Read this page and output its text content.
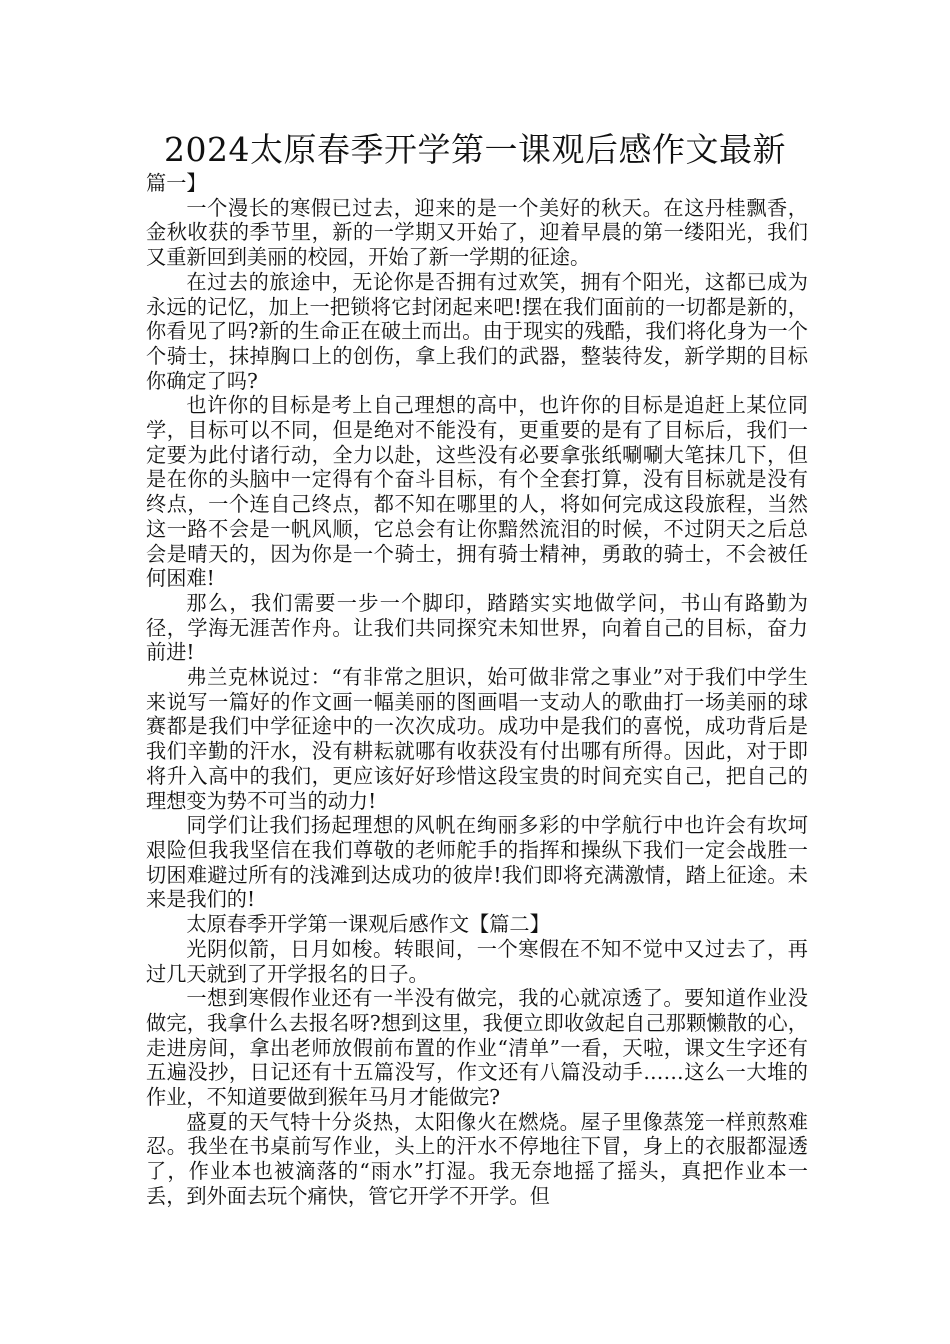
2024太原春季开学第一课观后感作文最新

篇一】

一个漫长的寒假已过去，迎来的是一个美好的秋天。在这丹桂飘香，金秋收获的季节里，新的一学期又开始了，迎着早晨的第一缕阳光，我们又重新回到美丽的校园，开始了新一学期的征途。

在过去的旅途中，无论你是否拥有过欢笑，拥有个阳光，这都已成为永远的记忆，加上一把锁将它封闭起来吧!摆在我们面前的一切都是新的，你看见了吗?新的生命正在破土而出。由于现实的残酷，我们将化身为一个个骑士，抹掉胸口上的创伤，拿上我们的武器，整装待发，新学期的目标你确定了吗?

也许你的目标是考上自己理想的高中，也许你的目标是追赶上某位同学，目标可以不同，但是绝对不能没有，更重要的是有了目标后，我们一定要为此付诸行动，全力以赴，这些没有必要拿张纸唰唰大笔抹几下，但是在你的头脑中一定得有个奋斗目标，有个全套打算，没有目标就是没有终点，一个连自己终点，都不知在哪里的人，将如何完成这段旅程，当然这一路不会是一帆风顺，它总会有让你黯然流泪的时候，不过阴天之后总会是晴天的，因为你是一个骑士，拥有骑士精神，勇敢的骑士，不会被任何困难!

那么，我们需要一步一个脚印，踏踏实实地做学问，书山有路勤为径，学海无涯苦作舟。让我们共同探究未知世界，向着自己的目标，奋力前进!

弗兰克林说过：“有非常之胆识，始可做非常之事业”对于我们中学生来说写一篇好的作文画一幅美丽的图画唱一支动人的歌曲打一场美丽的球赛都是我们中学征途中的一次次成功。成功中是我们的喜悦，成功背后是我们辛勤的汗水，没有耕耘就哪有收获没有付出哪有所得。因此，对于即将升入高中的我们，更应该好好珍惜这段宝贵的时间充实自己，把自己的理想变为势不可当的动力!

同学们让我们扬起理想的风帆在绚丽多彩的中学航行中也许会有坎坷艰险但我我坚信在我们尊敬的老师舵手的指挥和操纵下我们一定会战胜一切困难避过所有的浅滩到达成功的彼岸!我们即将充满激情，踏上征途。未来是我们的!

太原春季开学第一课观后感作文【篇二】

光阴似箭，日月如梭。转眼间，一个寒假在不知不觉中又过去了，再过几天就到了开学报名的日子。

一想到寒假作业还有一半没有做完，我的心就凉透了。要知道作业没做完，我拿什么去报名呀?想到这里，我便立即收敛起自己那颗懒散的心，走进房间，拿出老师放假前布置的作业“清单”一看，天啦，课文生字还有五遍没抄，日记还有十五篇没写，作文还有八篇没动手……这么一大堆的作业，不知道要做到猴年马月才能做完?

盛夏的天气特十分炎热，太阳像火在燃烧。屋子里像蒸笼一样煎熬难忍。我坐在书桌前写作业，头上的汗水不停地往下冒，身上的衣服都湿透了，作业本也被滴落的“雨水”打湿。我无奈地摇了摇头，真把作业本一丢，到外面去玩个痛快，管它开学不开学。但
